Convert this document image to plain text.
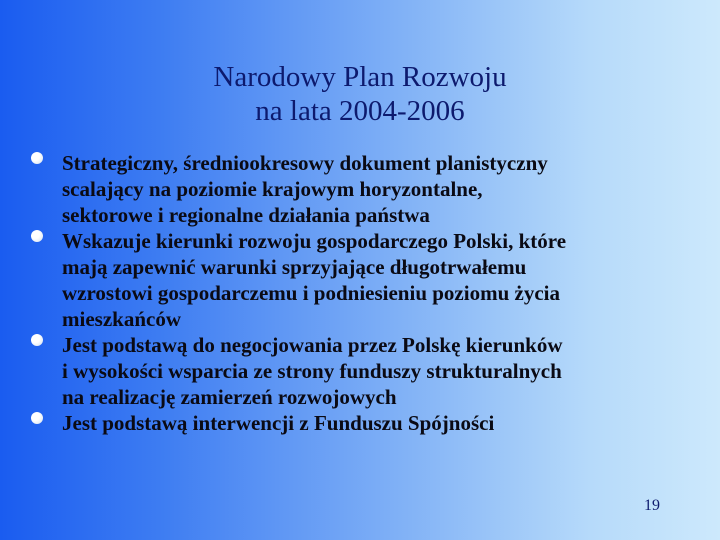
Narodowy Plan Rozwoju
na lata 2004-2006
Strategiczny, średniookresowy dokument planistyczny
scalający na poziomie krajowym horyzontalne,
sektorowe i regionalne działania państwa
Wskazuje kierunki rozwoju gospodarczego Polski, które
mają zapewnić warunki sprzyjające długotrwałemu
wzrostowi gospodarczemu i podniesieniu poziomu życia
mieszkańców
Jest podstawą do negocjowania przez Polskę kierunków
i wysokości wsparcia ze strony funduszy strukturalnych
na realizację zamierzeń rozwojowych
Jest podstawą interwencji z Funduszu Spójności
19
